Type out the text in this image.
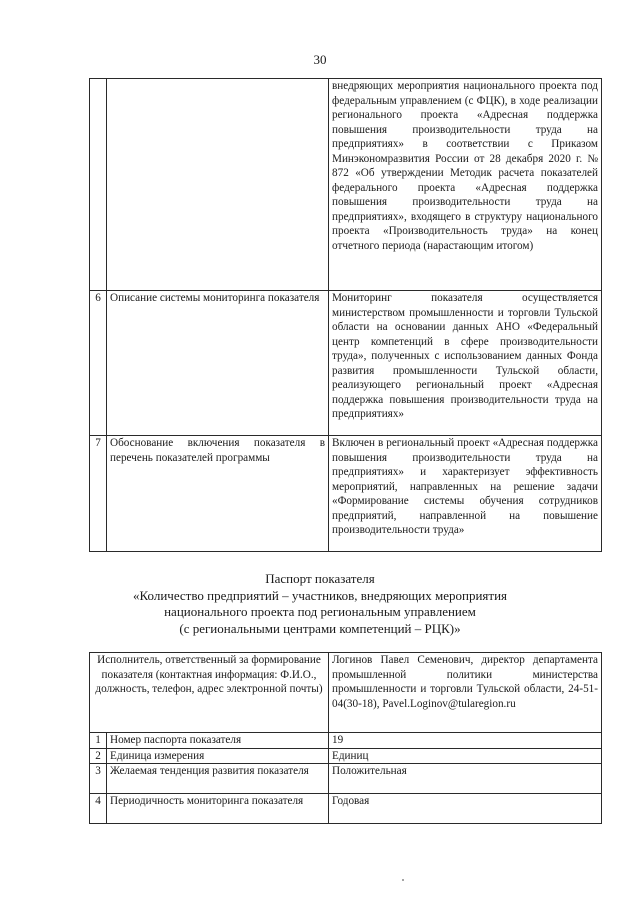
30
		внедряющих мероприятия национального проекта под федеральным управлением (с ФЦК), в ходе реализации регионального проекта «Адресная поддержка повышения производительности труда на предприятиях» в соответствии с Приказом Минэкономразвития России от 28 декабря 2020 г. № 872 «Об утверждении Методик расчета показателей федерального проекта «Адресная поддержка повышения производительности труда на предприятиях», входящего в структуру национального проекта «Производительность труда» на конец отчетного периода (нарастающим итогом)
6	Описание системы мониторинга показателя	Мониторинг показателя осуществляется министерством промышленности и торговли Тульской области на основании данных АНО «Федеральный центр компетенций в сфере производительности труда», полученных с использованием данных Фонда развития промышленности Тульской области, реализующего региональный проект «Адресная поддержка повышения производительности труда на предприятиях»
7	Обоснование включения показателя в перечень показателей программы	Включен в региональный проект «Адресная поддержка повышения производительности труда на предприятиях» и характеризует эффективность мероприятий, направленных на решение задачи «Формирование системы обучения сотрудников предприятий, направленной на повышение производительности труда»
Паспорт показателя
«Количество предприятий – участников, внедряющих мероприятия
национального проекта под региональным управлением
(с региональными центрами компетенций – РЦК)»
Исполнитель, ответственный за формирование показателя (контактная информация: Ф.И.О., должность, телефон, адрес электронной почты)		Логинов Павел Семенович, директор департамента промышленной политики министерства промышленности и торговли Тульской области, 24-51-04(30-18), Pavel.Loginov@tularegion.ru
1	Номер паспорта показателя	19
2	Единица измерения	Единиц
3	Желаемая тенденция развития показателя	Положительная
4	Периодичность мониторинга показателя	Годовая
